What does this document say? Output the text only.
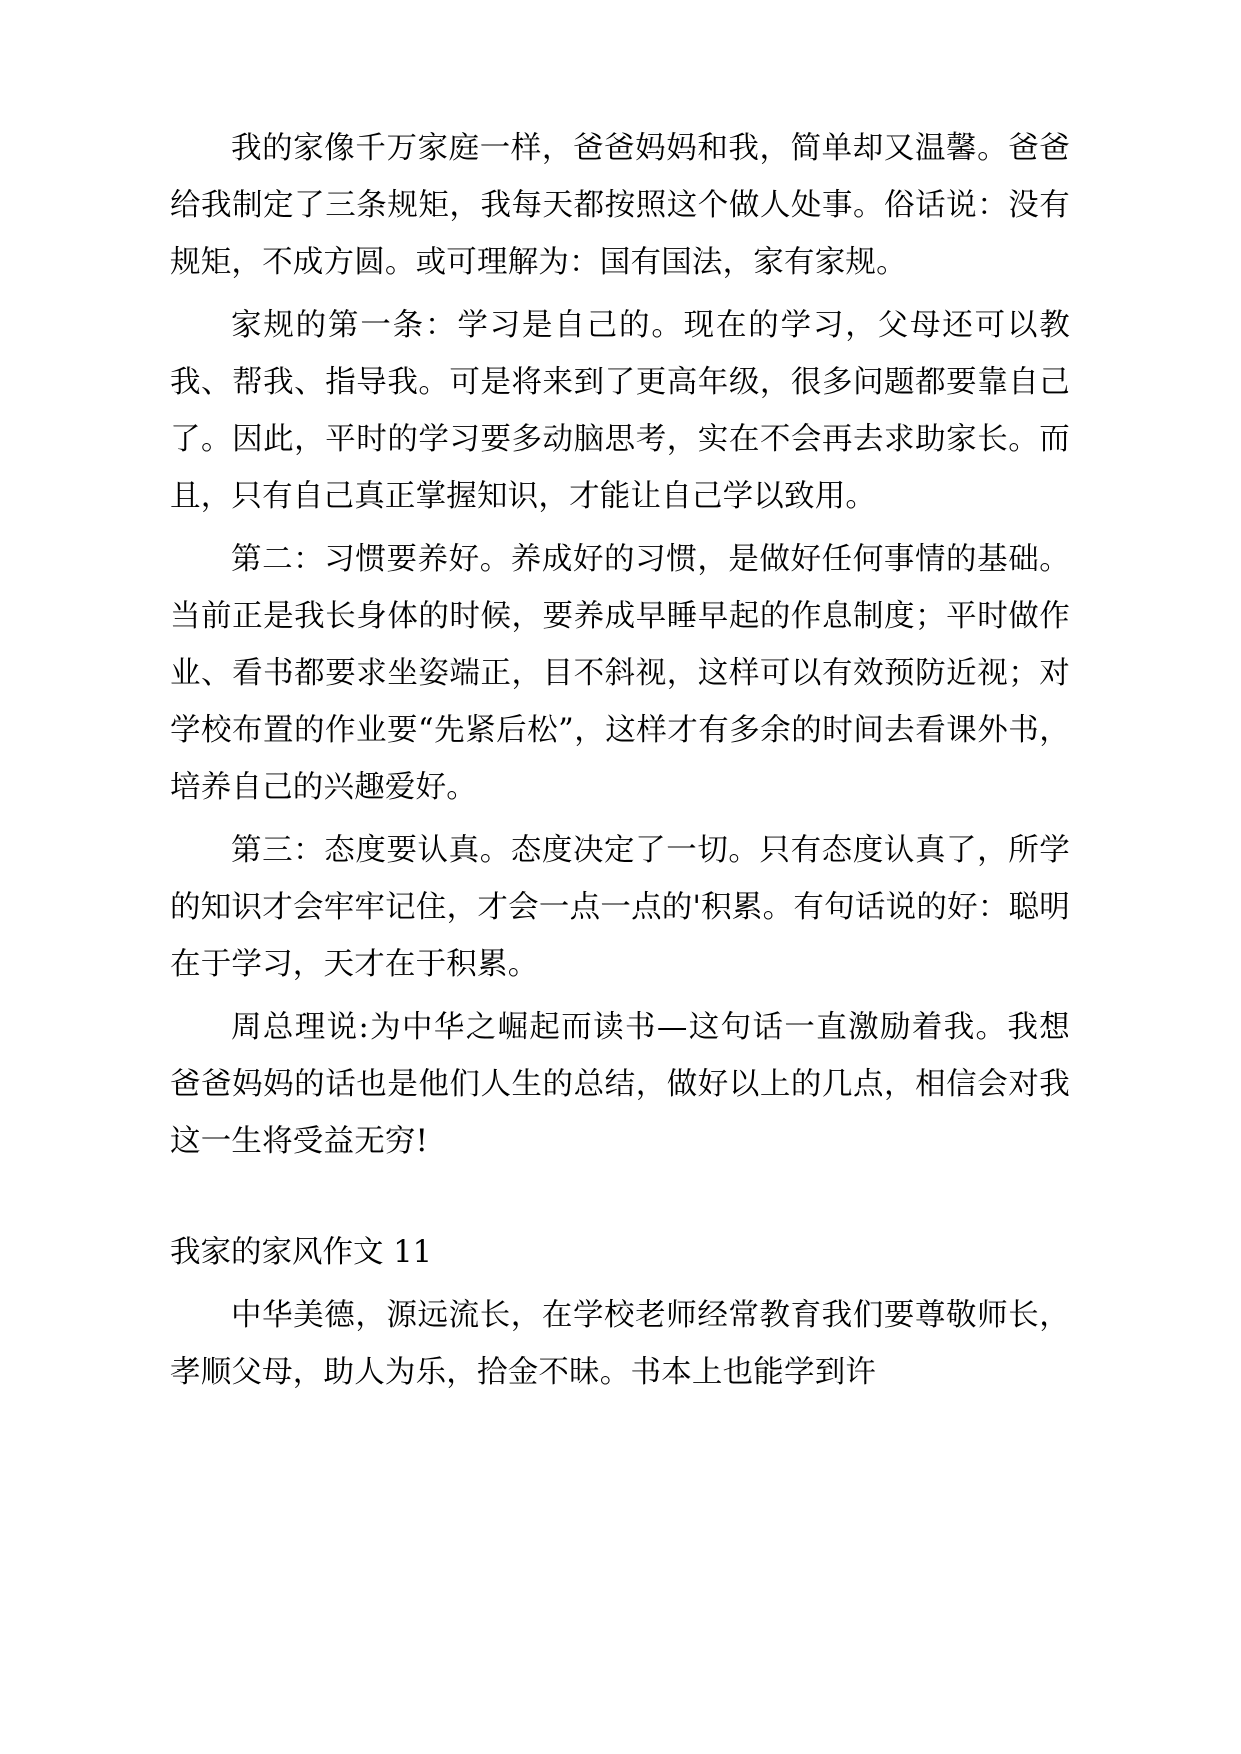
我的家像千万家庭一样，爸爸妈妈和我，简单却又温馨。爸爸给我制定了三条规矩，我每天都按照这个做人处事。俗话说：没有规矩，不成方圆。或可理解为：国有国法，家有家规。

家规的第一条：学习是自己的。现在的学习，父母还可以教我、帮我、指导我。可是将来到了更高年级，很多问题都要靠自己了。因此，平时的学习要多动脑思考，实在不会再去求助家长。而且，只有自己真正掌握知识，才能让自己学以致用。

第二：习惯要养好。养成好的习惯，是做好任何事情的基础。当前正是我长身体的时候，要养成早睡早起的作息制度；平时做作业、看书都要求坐姿端正，目不斜视，这样可以有效预防近视；对学校布置的作业要“先紧后松”，这样才有多余的时间去看课外书，培养自己的兴趣爱好。

第三：态度要认真。态度决定了一切。只有态度认真了，所学的知识才会牢牢记住，才会一点一点的'积累。有句话说的好：聪明在于学习，天才在于积累。

周总理说:为中华之崛起而读书—这句话一直激励着我。我想爸爸妈妈的话也是他们人生的总结，做好以上的几点，相信会对我这一生将受益无穷!

我家的家风作文 11

中华美德，源远流长，在学校老师经常教育我们要尊敬师长，孝顺父母，助人为乐，拾金不昧。书本上也能学到许
